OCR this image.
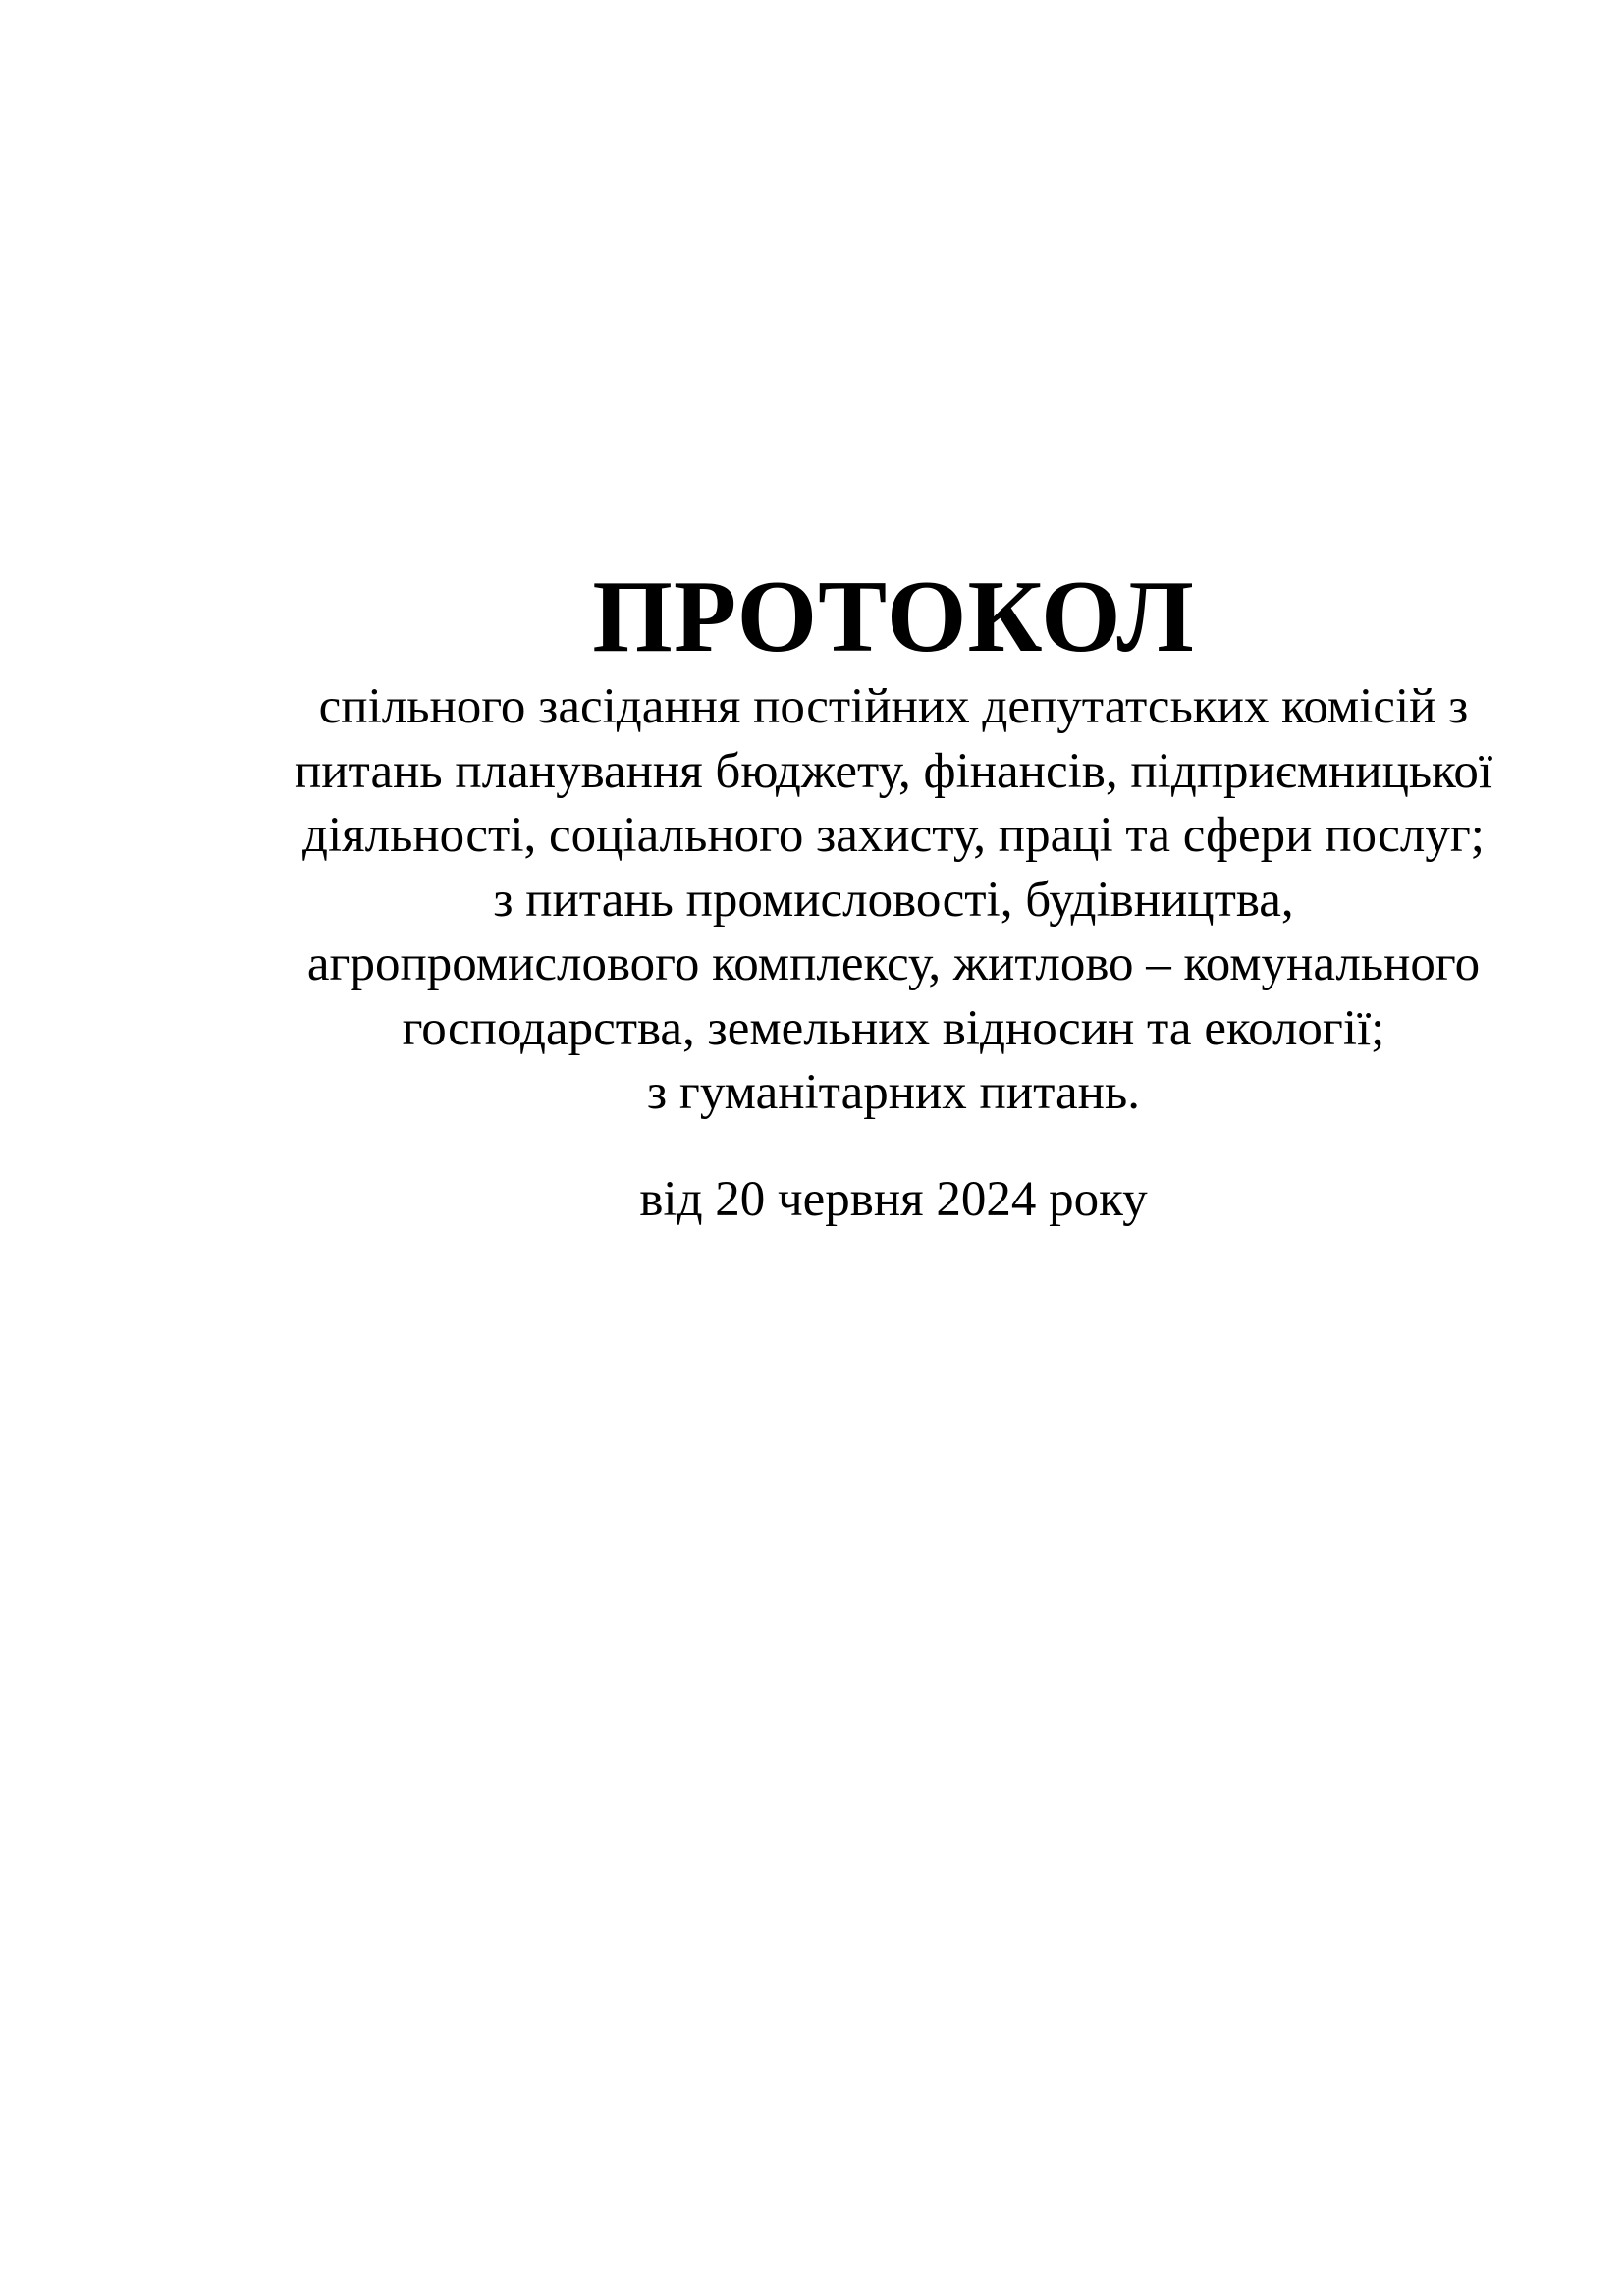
ПРОТОКОЛ
спільного засідання постійних депутатських комісій з
питань планування бюджету, фінансів, підприємницької
діяльності, соціального захисту, праці та сфери послуг;
з питань промисловості, будівництва,
агропромислового комплексу, житлово – комунального
господарства, земельних відносин та екології;
з гуманітарних питань.
від 20 червня 2024 року
